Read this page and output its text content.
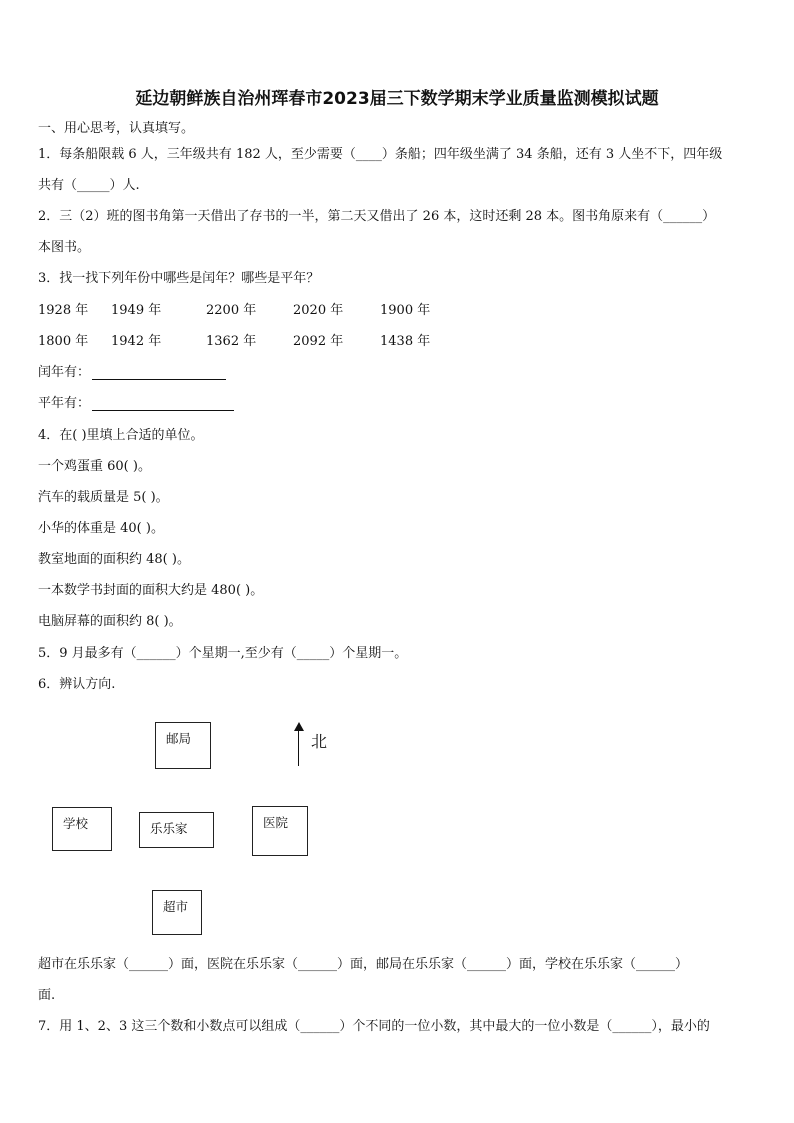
延边朝鲜族自治州珲春市2023届三下数学期末学业质量监测模拟试题
一、用心思考，认真填写。
1．每条船限载 6 人，三年级共有 182 人，至少需要（____）条船；四年级坐满了 34 条船，还有 3 人坐不下，四年级
共有（_____）人.
2．三（2）班的图书角第一天借出了存书的一半，第二天又借出了 26 本，这时还剩 28 本。图书角原来有（______）
本图书。
3．找一找下列年份中哪些是闰年？哪些是平年？
1928 年 1949 年	2200 年	2020 年	1900 年
1800 年 1942 年	1362 年	2092 年	1438 年
闰年有：
平年有：
4．在( )里填上合适的单位。
一个鸡蛋重 60( )。
汽车的载质量是 5( )。
小华的体重是 40( )。
教室地面的面积约 48( )。
一本数学书封面的面积大约是 480( )。
电脑屏幕的面积约 8( )。
5．9 月最多有（______）个星期一,至少有（_____）个星期一。
6．辨认方向.
邮局	北
学校	乐乐家	医院
超市
超市在乐乐家（______）面，医院在乐乐家（______）面，邮局在乐乐家（______）面，学校在乐乐家（______）
面.
7．用 1、2、3 这三个数和小数点可以组成（______）个不同的一位小数，其中最大的一位小数是（______），最小的
